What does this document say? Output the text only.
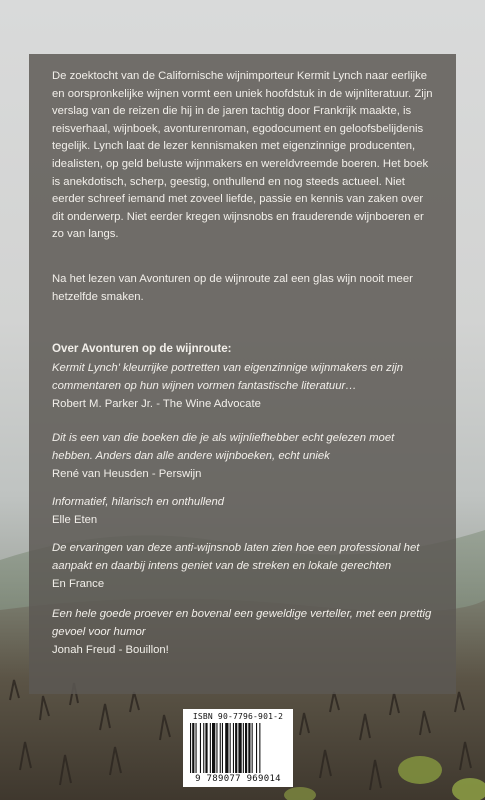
De zoektocht van de Californische wijnimporteur Kermit Lynch naar eerlijke en oorspronkelijke wijnen vormt een uniek hoofdstuk in de wijnliteratuur. Zijn verslag van de reizen die hij in de jaren tachtig door Frankrijk maakte, is reisverhaal, wijnboek, avonturenroman, egodocument en geloofsbelijdenis tegelijk. Lynch laat de lezer kennismaken met eigenzinnige producenten, idealisten, op geld beluste wijnmakers en wereldvreemde boeren. Het boek is anekdotisch, scherp, geestig, onthullend en nog steeds actueel. Niet eerder schreef iemand met zoveel liefde, passie en kennis van zaken over dit onderwerp. Niet eerder kregen wijnsnobs en frauderende wijnboeren er zo van langs.

Na het lezen van Avonturen op de wijnroute zal een glas wijn nooit meer hetzelfde smaken.

Over Avonturen op de wijnroute:

Kermit Lynch' kleurrijke portretten van eigenzinnige wijnmakers en zijn commentaren op hun wijnen vormen fantastische literatuur…

Robert M. Parker Jr. - The Wine Advocate

Dit is een van die boeken die je als wijnliefhebber echt gelezen moet hebben. Anders dan alle andere wijnboeken, echt uniek

René van Heusden - Perswijn

Informatief, hilarisch en onthullend

Elle Eten

De ervaringen van deze anti-wijnsnob laten zien hoe een professional het aanpakt en daarbij intens geniet van de streken en lokale gerechten

En France

Een hele goede proever en bovenal een geweldige verteller, met een prettig gevoel voor humor

Jonah Freud - Bouillon!

ISBN 90-7796-901-2
9 789077 969014
